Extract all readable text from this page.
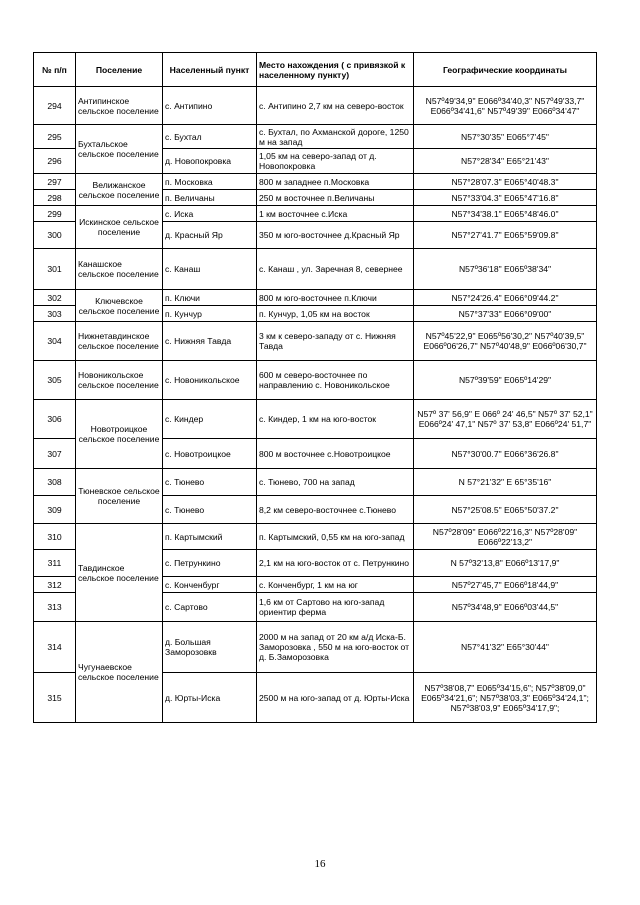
№ п/п	Поселение	Населенный пункт	Место нахождения ( с привязкой к населенному пункту)	Географические координаты
294	Антипинское сельское поселение	с. Антипино	с. Антипино 2,7 км на северо-восток	N57º49'34,9" E066º34'40,3" N57º49'33,7" E066º34'41,6" N57º49'39" E066º34'47"
295	Бухтальское сельское поселение	с. Бухтал	с. Бухтал, по Ахманской дороге, 1250 м на запад	N57°30'35" E065°7'45"
296		д. Новопокровка	1,05 км на северо-запад от д. Новопокровка	N57°28'34" E65°21'43"
297	Велижанское сельское поселение	п. Московка	800 м западнее п.Московка	N57°28'07.3" E065°40'48.3"
298		п. Величаны	250 м восточнее п.Величаны	N57°33'04.3" E065°47'16.8"
299	Искинское сельское поселение	с. Иска	1 км восточнее с.Иска	N57°34'38.1" E065°48'46.0"
300		д. Красный Яр	350 м юго-восточнее д.Красный Яр	N57°27'41.7" E065°59'09.8"
301	Канашское сельское поселение	с. Канаш	с. Канаш , ул. Заречная 8, севернее	N57º36'18" E065º38'34"
302	Ключевское сельское поселение	п. Ключи	800 м юго-восточнее п.Ключи	N57°24'26.4" E066°09'44.2"
303		п. Кунчур	п. Кунчур, 1,05 км на восток	N57°37'33" E066°09'00"
304	Нижнетавдинское сельское поселение	с. Нижняя Тавда	3 км к северо-западу от с. Нижняя Тавда	N57º45'22,9" E065º56'30,2" N57º40'39,5" E066º06'26,7" N57º40'48,9" E066º06'30,7"
305	Новоникольское сельское поселение	с. Новоникольское	600 м северо-восточнее по направлению с. Новоникольское	N57º39'59" E065º14'29"
306	Новотроицкое сельское поселение	с. Киндер	с. Киндер, 1 км на юго-восток	N57º 37' 56,9" E 066º 24' 46,5" N57º 37' 52,1" E066º24' 47,1" N57º 37' 53,8" E066º24' 51,7"
307		с. Новотроицкое	800 м восточнее с.Новотроицкое	N57°30'00.7" E066°36'26.8"
308	Тюневское сельское поселение	с. Тюнево	с. Тюнево, 700 на запад	N 57°21'32" E 65°35'16"
309		с. Тюнево	8,2 км северо-восточнее с.Тюнево	N57°25'08.5" E065°50'37.2"
310	Тавдинское сельское поселение	п. Картымский	п. Картымский, 0,55 км на юго-запад	N57º28'09" E066º22'16,3" N57º28'09" E066º22'13,2"
311		с. Петрункино	2,1 км на юго-восток от с. Петрункино	N 57º32'13,8" E066º13'17,9"
312		с. Конченбург	с. Конченбург, 1 км на юг	N57º27'45,7" E066º18'44,9"
313		с. Сартово	1,6 км от Сартово на юго-запад ориентир ферма	N57º34'48,9" E066º03'44,5"
314	Чугунаевское сельское поселение	д. Большая Заморозовкв	2000 м на запад от 20 км а/д Иска-Б. Заморозовка , 550 м на юго-восток от д. Б.Заморозовка	N57°41'32" E65°30'44"
315		д. Юрты-Иска	2500 м на юго-запад от д. Юрты-Иска	N57º38'08,7" E065º34'15,6"; N57º38'09,0" E065º34'21,6"; N57º38'03,3" E065º34'24,1"; N57º38'03,9" E065º34'17,9";
16
